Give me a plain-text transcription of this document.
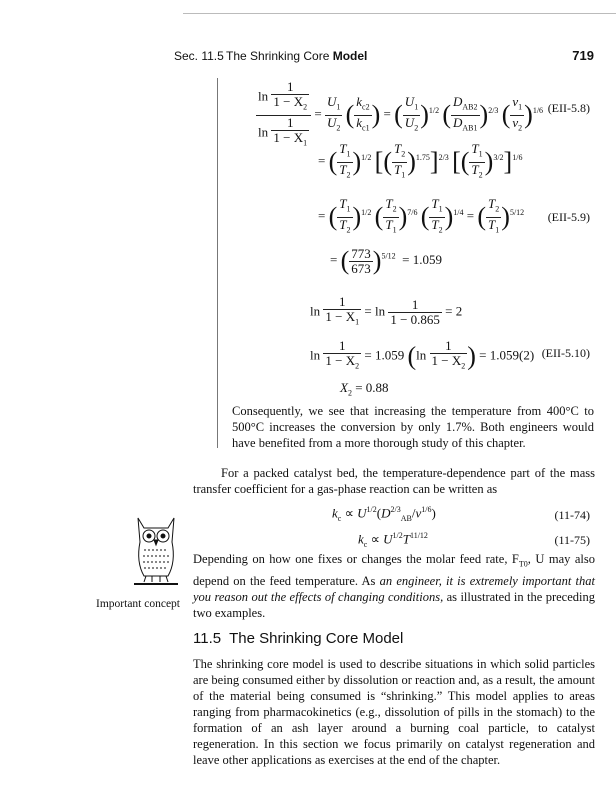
Sec. 11.5 The Shrinking Core Model	719
$\frac{\ln \frac{1}{1 - X_2}}{\ln \frac{1}{1 - X_1}} = \frac{U_1}{U_2}$ ( $\frac{k_{c2}}{k_{c1}}$ ) = ( $\frac{U_1}{U_2} )^{1/2}$ ( $\frac{D_{AB2}}{D_{AB1}} )^{2/3}$ ( $\frac{\nu_1}{\nu_2} )^{1/6}$ (EII-5.8)
= ( $\frac{T_1}{T_2} )^{1/2}$ [( $\frac{T_2}{T_1} )^{1.75}]^{2/3}$ [( $\frac{T_1}{T_2} )^{3/2}]^{1/6}$
= ( $\frac{T_1}{T_2} )^{1/2}$ ( $\frac{T_2}{T_1} )^{7/6}$ ( $\frac{T_1}{T_2} )^{1/4}$ = ( $\frac{T_2}{T_1} )^{5/12}$ (EII-5.9)
= ( $\frac{773}{673} )^{5/12} = 1.059$
$\ln \frac{1}{1 - X_1} = \ln \frac{1}{1 - 0.865} = 2$
$\ln \frac{1}{1 - X_2} = 1.059$ ($\ln \frac{1}{1 - X_2}$ ) = 1.059(2) (EII-5.10)
$X_2 = 0.88$
Consequently, we see that increasing the temperature from 400°C to 500°C increases the conversion by only 1.7%. Both engineers would have benefited from a more thorough study of this chapter.
For a packed catalyst bed, the temperature-dependence part of the mass transfer coefficient for a gas-phase reaction can be written as
$k_c \propto U^{1/2}(D^{2/3}_{AB}/\nu^{1/6})$	(11-74)
$k_c \propto U^{1/2}T^{11/12}$	(11-75)
Depending on how one fixes or changes the molar feed rate, $F_{T0}$, U may also depend on the feed temperature. As an engineer, it is extremely important that you reason out the effects of changing conditions, as illustrated in the preceding two examples.
Important concept
11.5 The Shrinking Core Model
The shrinking core model is used to describe situations in which solid particles are being consumed either by dissolution or reaction and, as a result, the amount of the material being consumed is “shrinking.” This model applies to areas ranging from pharmacokinetics (e.g., dissolution of pills in the stomach) to the formation of an ash layer around a burning coal particle, to catalyst regeneration. In this section we focus primarily on catalyst regeneration and leave other applications as exercises at the end of the chapter.
